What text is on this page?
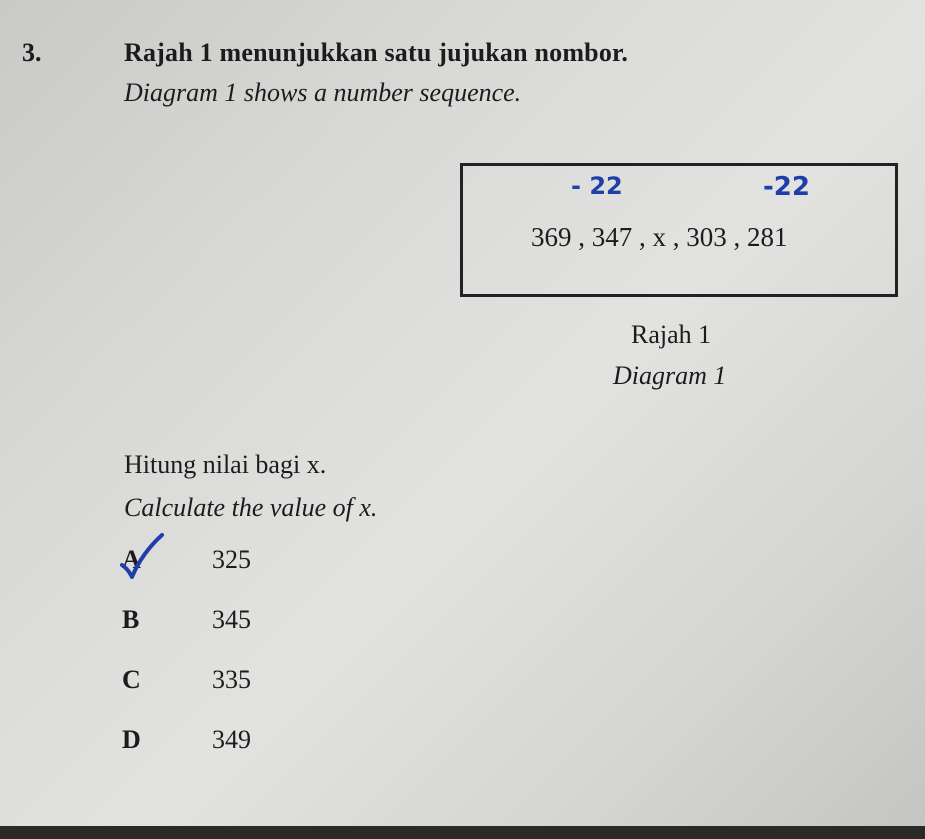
3.	Rajah 1 menunjukkan satu jujukan nombor.
Diagram 1 shows a number sequence.
- 22	-22
369 , 347 , x , 303 , 281
Rajah 1
Diagram 1
Hitung nilai bagi x.
Calculate the value of x.
A	325
B	345
C	335
D	349
